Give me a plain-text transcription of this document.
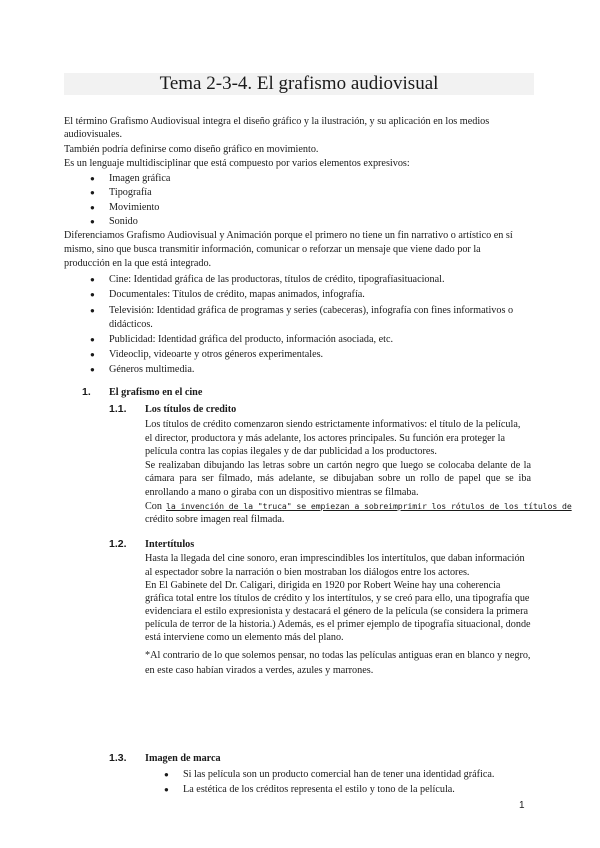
Tema 2-3-4. El grafismo audiovisual
El término Grafismo Audiovisual integra el diseño gráfico y la ilustración, y su aplicación en los medios
audiovisuales.
También podría definirse como diseño gráfico en movimiento.
Es un lenguaje multidisciplinar que está compuesto por varios elementos expresivos:
● Imagen gráfica
● Tipografía
● Movimiento
● Sonido
Diferenciamos Grafismo Audiovisual y Animación porque el primero no tiene un fin narrativo o artístico en sí
mismo, sino que busca transmitir información, comunicar o reforzar un mensaje que viene dado por la
producción en la que está integrado.
● Cine: Identidad gráfica de las productoras, títulos de crédito, tipografíasituacional.
● Documentales: Títulos de crédito, mapas animados, infografía.
● Televisión: Identidad gráfica de programas y series (cabeceras), infografía con fines informativos o
didácticos.
● Publicidad: Identidad gráfica del producto, información asociada, etc.
● Videoclip, videoarte y otros géneros experimentales.
● Géneros multimedia.
1. El grafismo en el cine
1.1. Los títulos de credito
Los títulos de crédito comenzaron siendo estrictamente informativos: el título de la película,
el director, productora y más adelante, los actores principales. Su función era proteger la
película contra las copias ilegales y de dar publicidad a los productores.
Se realizaban dibujando las letras sobre un cartón negro que luego se colocaba delante de la
cámara para ser filmado, más adelante, se dibujaban sobre un rollo de papel que se iba
enrollando a mano o giraba con un dispositivo mientras se filmaba.
Con la invención de la "truca" se empiezan a sobreimprimir los rótulos de los títulos de
crédito sobre imagen real filmada.
1.2. Intertítulos
Hasta la llegada del cine sonoro, eran imprescindibles los intertítulos, que daban información
al espectador sobre la narración o bien mostraban los diálogos entre los actores.
En El Gabinete del Dr. Caligari, dirigida en 1920 por Robert Weine hay una coherencia
gráfica total entre los títulos de crédito y los intertítulos, y se creó para ello, una tipografía que
evidenciara el estilo expresionista y destacará el género de la película (se considera la primera
película de terror de la historia.) Además, es el primer ejemplo de tipografía situacional, donde
está interviene como un elemento más del plano.
*Al contrario de lo que solemos pensar, no todas las películas antiguas eran en blanco y negro,
en este caso habían virados a verdes, azules y marrones.
1.3. Imagen de marca
● Si las película son un producto comercial han de tener una identidad gráfica.
● La estética de los créditos representa el estilo y tono de la película.
1
